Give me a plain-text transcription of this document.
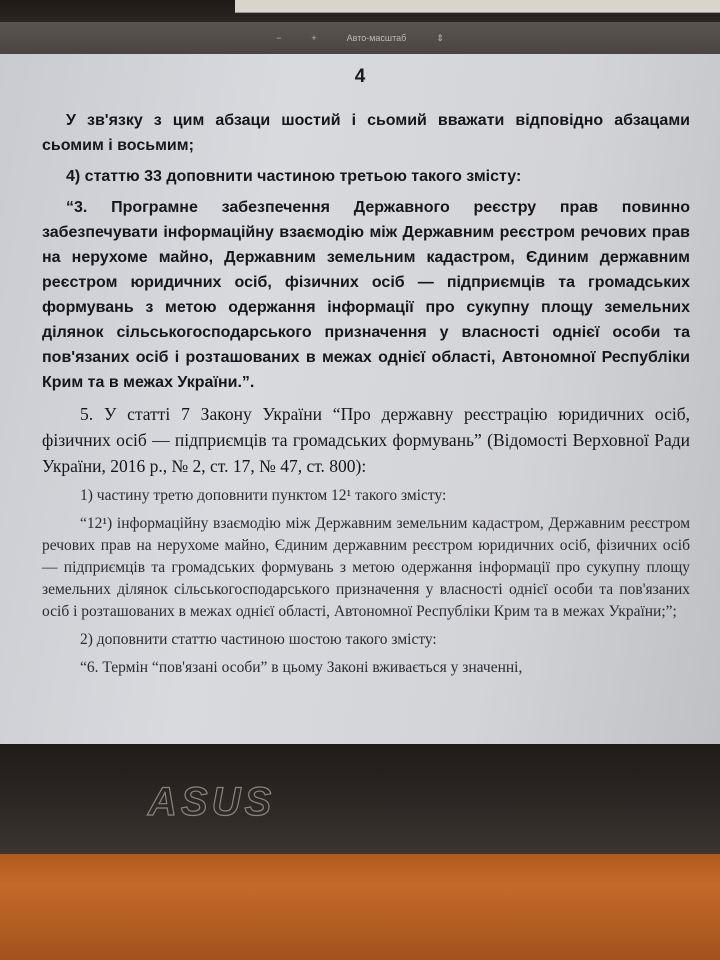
−	+	Авто-масштаб	⇕
4

У зв'язку з цим абзаци шостий і сьомий вважати відповідно абзацами сьомим і восьмим;

4) статтю 33 доповнити частиною третьою такого змісту:

“3. Програмне забезпечення Державного реєстру прав повинно забезпечувати інформаційну взаємодію між Державним реєстром речових прав на нерухоме майно, Державним земельним кадастром, Єдиним державним реєстром юридичних осіб, фізичних осіб — підприємців та громадських формувань з метою одержання інформації про сукупну площу земельних ділянок сільськогосподарського призначення у власності однієї особи та пов'язаних осіб і розташованих в межах однієї області, Автономної Республіки Крим та в межах України.”.

5. У статті 7 Закону України “Про державну реєстрацію юридичних осіб, фізичних осіб — підприємців та громадських формувань” (Відомості Верховної Ради України, 2016 р., № 2, ст. 17, № 47, ст. 800):

1) частину третю доповнити пунктом 12¹ такого змісту:

“12¹) інформаційну взаємодію між Державним земельним кадастром, Державним реєстром речових прав на нерухоме майно, Єдиним державним реєстром юридичних осіб, фізичних осіб — підприємців та громадських формувань з метою одержання інформації про сукупну площу земельних ділянок сільськогосподарського призначення у власності однієї особи та пов'язаних осіб і розташованих в межах однієї області, Автономної Республіки Крим та в межах України;”;

2) доповнити статтю частиною шостою такого змісту:

“6. Термін “пов'язані особи” в цьому Законі вживається у значенні,

ASUS
